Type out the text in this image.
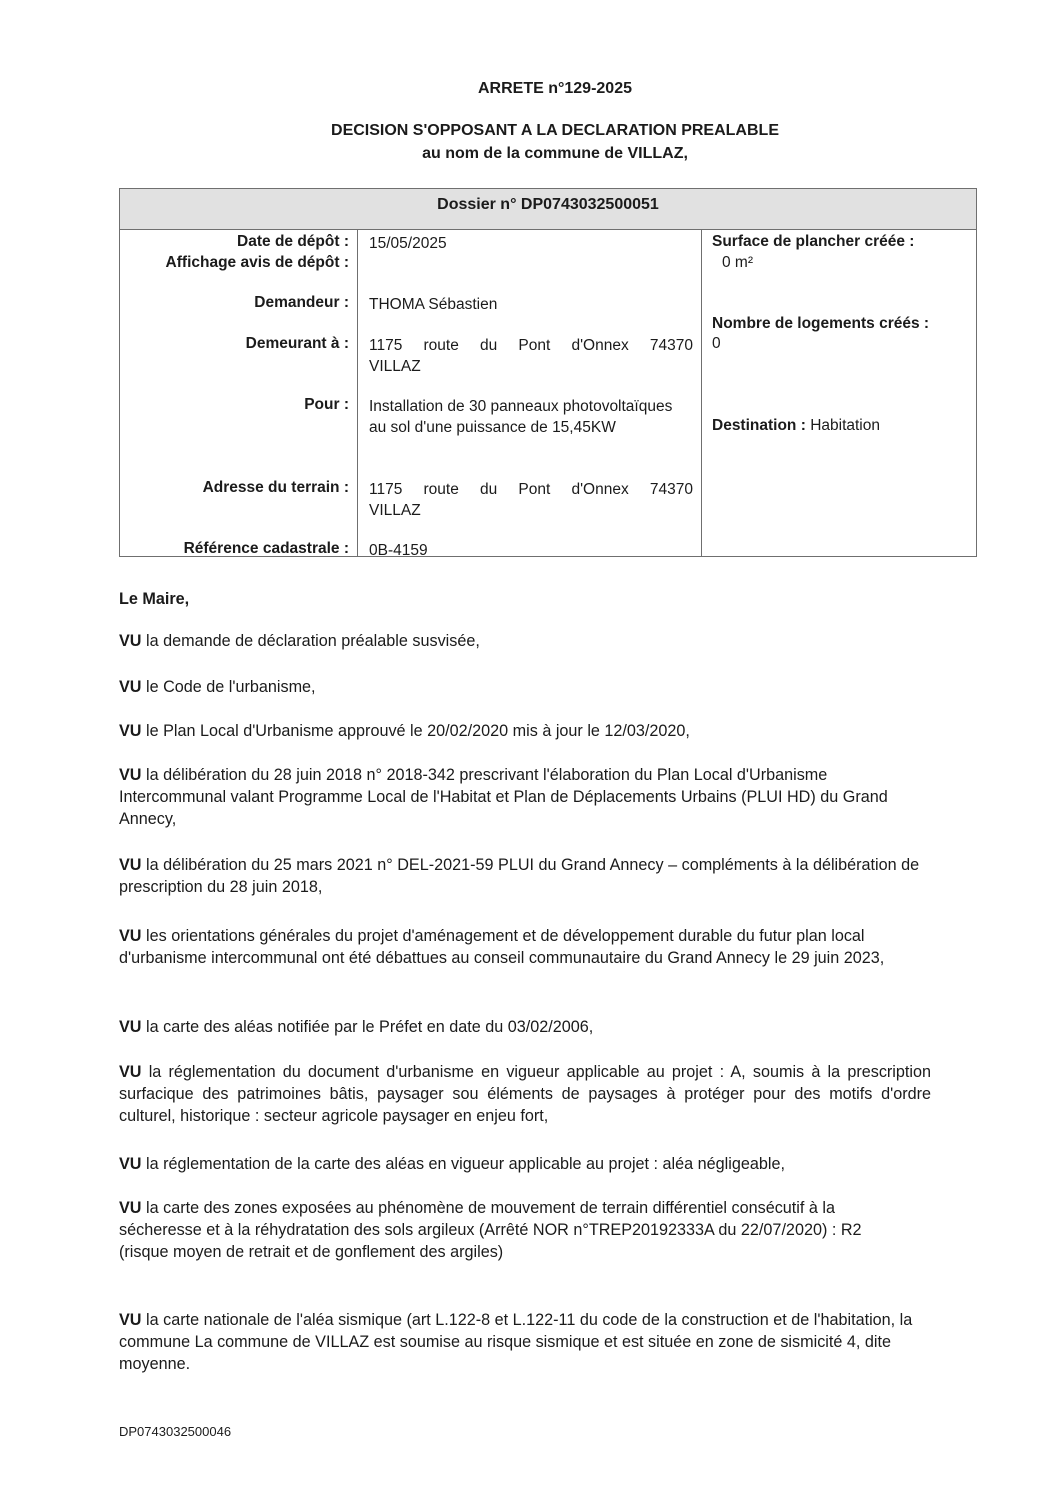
ARRETE n°129-2025
DECISION S'OPPOSANT A LA DECLARATION PREALABLE
au nom de la commune de VILLAZ,
Dossier n° DP0743032500051
Date de dépôt : 15/05/2025
Affichage avis de dépôt :
Demandeur : THOMA Sébastien
Demeurant à : 1175 route du Pont d'Onnex 74370
VILLAZ
Pour : Installation de 30 panneaux photovoltaïques au sol d'une puissance de 15,45KW
Adresse du terrain : 1175 route du Pont d'Onnex 74370
VILLAZ
Référence cadastrale : 0B-4159
Surface de plancher créée :
0 m²
Nombre de logements créés :
0
Destination : Habitation
Le Maire,
VU la demande de déclaration préalable susvisée,
VU le Code de l'urbanisme,
VU le Plan Local d'Urbanisme approuvé le 20/02/2020 mis à jour le 12/03/2020,
VU la délibération du 28 juin 2018 n° 2018-342 prescrivant l'élaboration du Plan Local d'Urbanisme Intercommunal valant Programme Local de l'Habitat et Plan de Déplacements Urbains (PLUI HD) du Grand Annecy,
VU la délibération du 25 mars 2021 n° DEL-2021-59 PLUI du Grand Annecy – compléments à la délibération de prescription du 28 juin 2018,
VU les orientations générales du projet d'aménagement et de développement durable du futur plan local d'urbanisme intercommunal ont été débattues au conseil communautaire du Grand Annecy le 29 juin 2023,
VU la carte des aléas notifiée par le Préfet en date du 03/02/2006,
VU la réglementation du document d'urbanisme en vigueur applicable au projet : A, soumis à la prescription surfacique des patrimoines bâtis, paysager sou éléments de paysages à protéger pour des motifs d'ordre culturel, historique : secteur agricole paysager en enjeu fort,
VU la réglementation de la carte des aléas en vigueur applicable au projet : aléa négligeable,
VU la carte des zones exposées au phénomène de mouvement de terrain différentiel consécutif à la sécheresse et à la réhydratation des sols argileux (Arrêté NOR n°TREP20192333A du 22/07/2020) : R2 (risque moyen de retrait et de gonflement des argiles)
VU la carte nationale de l'aléa sismique (art L.122-8 et L.122-11 du code de la construction et de l'habitation, la commune La commune de VILLAZ est soumise au risque sismique et est située en zone de sismicité 4, dite moyenne.
DP0743032500046
